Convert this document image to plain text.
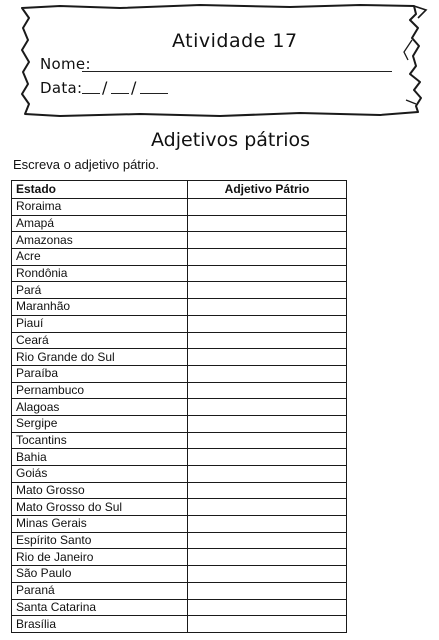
Atividade 17
Nome:
Data: / /
Adjetivos pátrios
Escreva o adjetivo pátrio.
Estado	Adjetivo Pátrio
Roraima	
Amapá	
Amazonas	
Acre	
Rondônia	
Pará	
Maranhão	
Piauí	
Ceará	
Rio Grande do Sul	
Paraíba	
Pernambuco	
Alagoas	
Sergipe	
Tocantins	
Bahia	
Goiás	
Mato Grosso	
Mato Grosso do Sul	
Minas Gerais	
Espírito Santo	
Rio de Janeiro	
São Paulo	
Paraná	
Santa Catarina	
Brasília	
